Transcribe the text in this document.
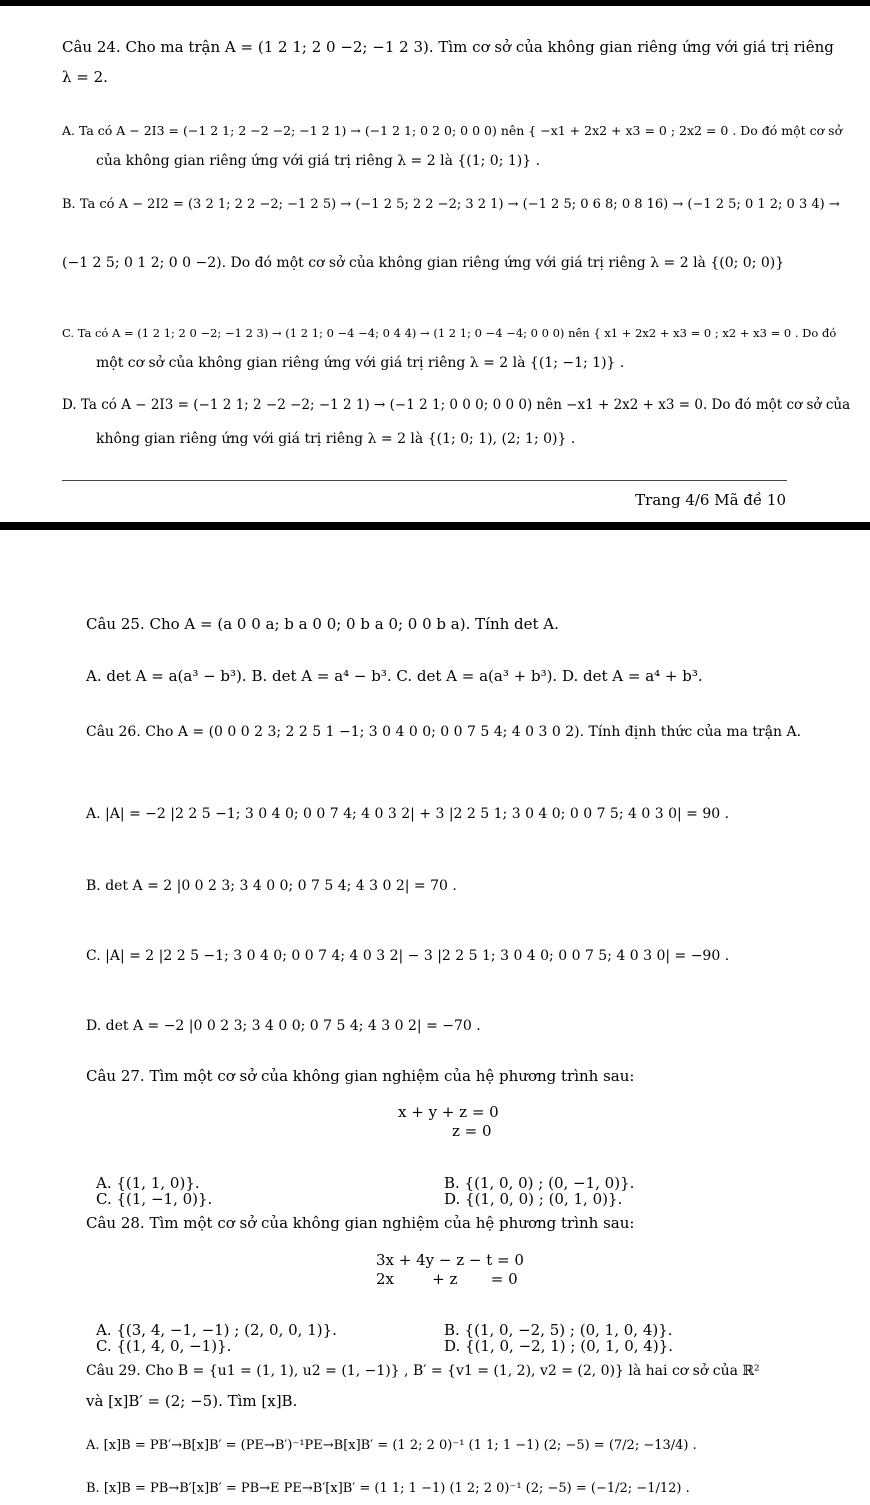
Câu 24. Cho ma trận A = (1 2 1; 2 0 −2; −1 2 3). Tìm cơ sở của không gian riêng ứng với giá trị riêng
λ = 2.
A. Ta có A − 2I3 = (−1 2 1; 2 −2 −2; −1 2 1) → (−1 2 1; 0 2 0; 0 0 0) nên { −x1 + 2x2 + x3 = 0 ; 2x2 = 0 . Do đó một cơ sở
của không gian riêng ứng với giá trị riêng λ = 2 là {(1; 0; 1)} .
B. Ta có A − 2I2 = (3 2 1; 2 2 −2; −1 2 5) → (−1 2 5; 2 2 −2; 3 2 1) → (−1 2 5; 0 6 8; 0 8 16) → (−1 2 5; 0 1 2; 0 3 4) →
(−1 2 5; 0 1 2; 0 0 −2). Do đó một cơ sở của không gian riêng ứng với giá trị riêng λ = 2 là {(0; 0; 0)}
C. Ta có A = (1 2 1; 2 0 −2; −1 2 3) → (1 2 1; 0 −4 −4; 0 4 4) → (1 2 1; 0 −4 −4; 0 0 0) nên { x1 + 2x2 + x3 = 0 ; x2 + x3 = 0 . Do đó
một cơ sở của không gian riêng ứng với giá trị riêng λ = 2 là {(1; −1; 1)} .
D. Ta có A − 2I3 = (−1 2 1; 2 −2 −2; −1 2 1) → (−1 2 1; 0 0 0; 0 0 0) nên −x1 + 2x2 + x3 = 0. Do đó một cơ sở của
không gian riêng ứng với giá trị riêng λ = 2 là {(1; 0; 1), (2; 1; 0)} .
Trang 4/6 Mã đề 10
Câu 25. Cho A = (a 0 0 a; b a 0 0; 0 b a 0; 0 0 b a). Tính det A.
A. det A = a(a³ − b³). B. det A = a⁴ − b³. C. det A = a(a³ + b³). D. det A = a⁴ + b³.
Câu 26. Cho A = (0 0 0 2 3; 2 2 5 1 −1; 3 0 4 0 0; 0 0 7 5 4; 4 0 3 0 2). Tính định thức của ma trận A.
A. |A| = −2 |2 2 5 −1; 3 0 4 0; 0 0 7 4; 4 0 3 2| + 3 |2 2 5 1; 3 0 4 0; 0 0 7 5; 4 0 3 0| = 90 .
B. det A = 2 |0 0 2 3; 3 4 0 0; 0 7 5 4; 4 3 0 2| = 70 .
C. |A| = 2 |2 2 5 −1; 3 0 4 0; 0 0 7 4; 4 0 3 2| − 3 |2 2 5 1; 3 0 4 0; 0 0 7 5; 4 0 3 0| = −90 .
D. det A = −2 |0 0 2 3; 3 4 0 0; 0 7 5 4; 4 3 0 2| = −70 .
Câu 27. Tìm một cơ sở của không gian nghiệm của hệ phương trình sau:
x + y + z = 0
z = 0
A. {(1, 1, 0)}.	B. {(1, 0, 0) ; (0, −1, 0)}.
C. {(1, −1, 0)}.	D. {(1, 0, 0) ; (0, 1, 0)}.
Câu 28. Tìm một cơ sở của không gian nghiệm của hệ phương trình sau:
3x + 4y − z − t = 0
2x        + z       = 0
A. {(3, 4, −1, −1) ; (2, 0, 0, 1)}.	B. {(1, 0, −2, 5) ; (0, 1, 0, 4)}.
C. {(1, 4, 0, −1)}.	D. {(1, 0, −2, 1) ; (0, 1, 0, 4)}.
Câu 29. Cho B = {u1 = (1, 1), u2 = (1, −1)} , B′ = {v1 = (1, 2), v2 = (2, 0)} là hai cơ sở của ℝ²
và [x]B′ = (2; −5). Tìm [x]B.
A. [x]B = PB′→B[x]B′ = (PE→B′)⁻¹PE→B[x]B′ = (1 2; 2 0)⁻¹ (1 1; 1 −1) (2; −5) = (7/2; −13/4) .
B. [x]B = PB→B′[x]B′ = PB→E PE→B′[x]B′ = (1 1; 1 −1) (1 2; 2 0)⁻¹ (2; −5) = (−1/2; −1/12) .
